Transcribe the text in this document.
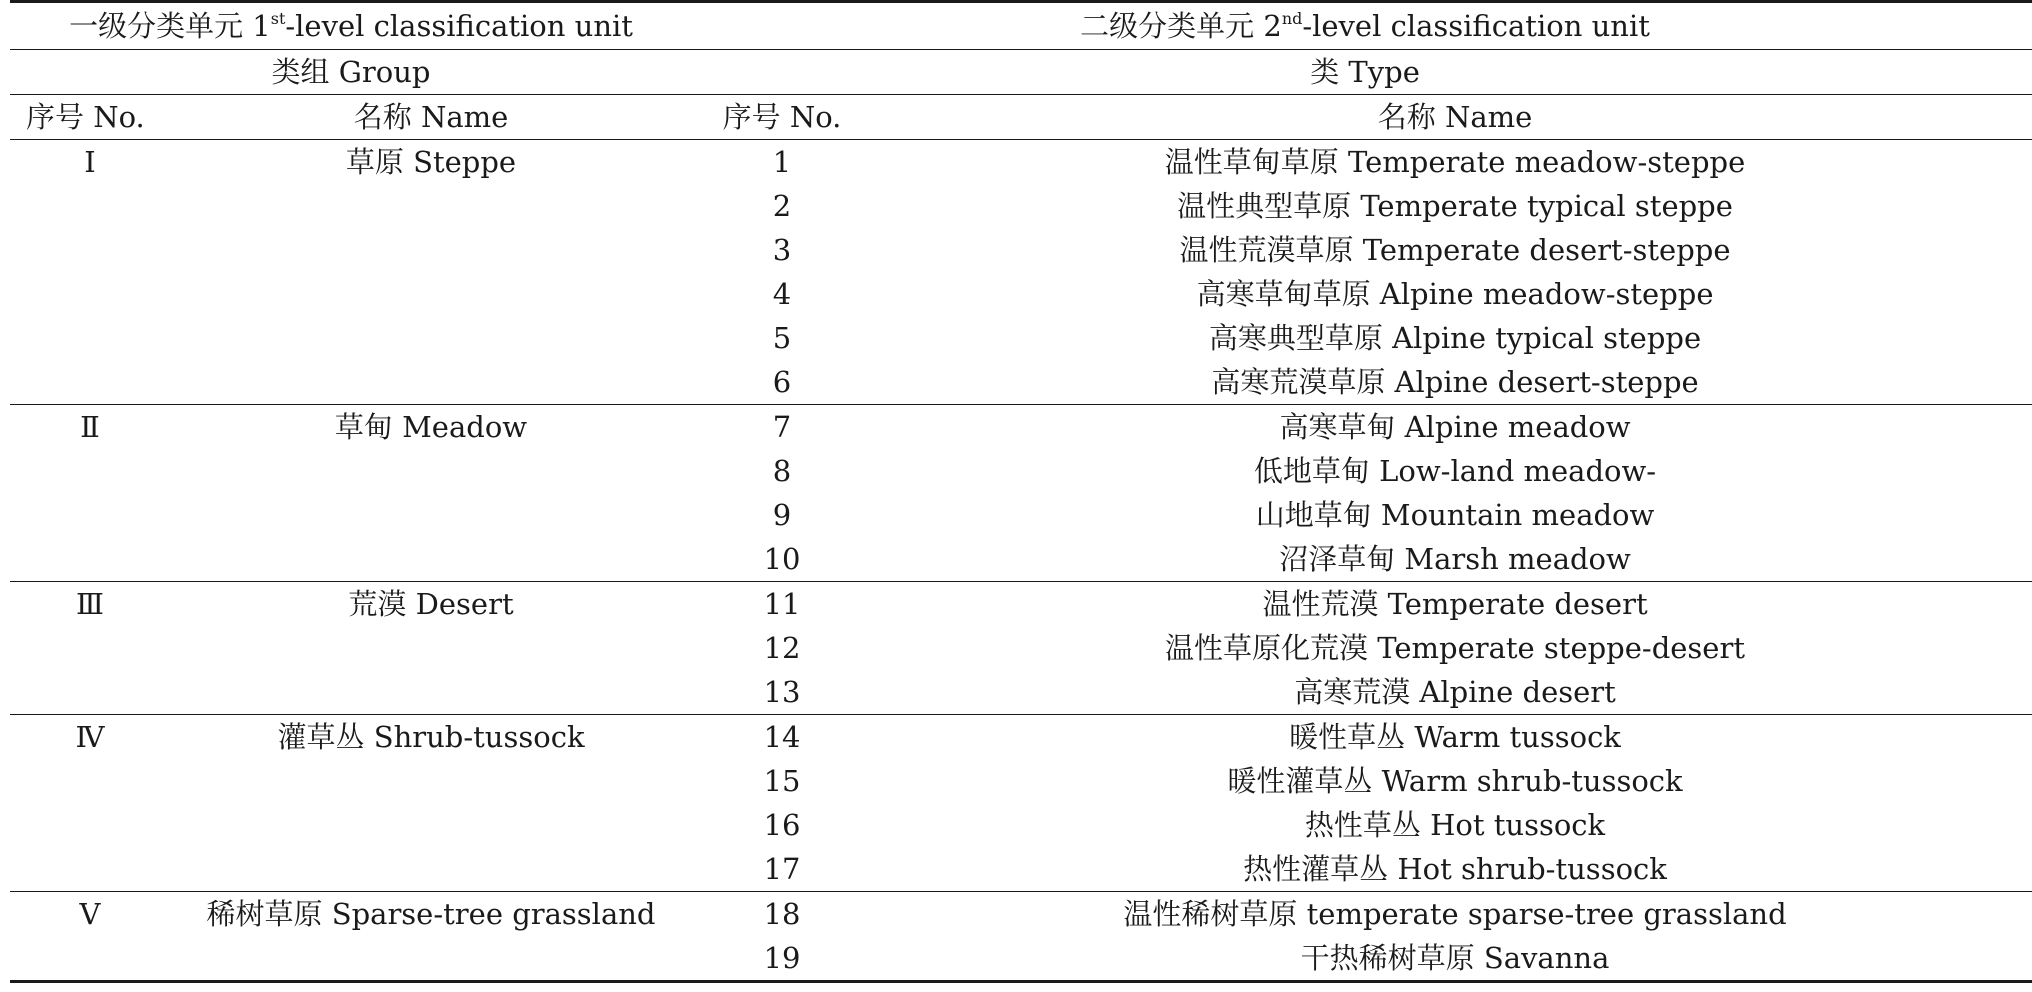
一级分类单元 1st-level classification unit		二级分类单元 2nd-level classification unit	
类组 Group		类 Type	
序号 No.	名称 Name	序号 No.	名称 Name
Ⅰ	草原 Steppe	1	温性草甸草原 Temperate meadow-steppe
		2	温性典型草原 Temperate typical steppe
		3	温性荒漠草原 Temperate desert-steppe
		4	高寒草甸草原 Alpine meadow-steppe
		5	高寒典型草原 Alpine typical steppe
		6	高寒荒漠草原 Alpine desert-steppe
Ⅱ	草甸 Meadow	7	高寒草甸 Alpine meadow
		8	低地草甸 Low-land meadow-
		9	山地草甸 Mountain meadow
		10	沼泽草甸 Marsh meadow
Ⅲ	荒漠 Desert	11	温性荒漠 Temperate desert
		12	温性草原化荒漠 Temperate steppe-desert
		13	高寒荒漠 Alpine desert
Ⅳ	灌草丛 Shrub-tussock	14	暖性草丛 Warm tussock
		15	暖性灌草丛 Warm shrub-tussock
		16	热性草丛 Hot tussock
		17	热性灌草丛 Hot shrub-tussock
Ⅴ	稀树草原 Sparse-tree grassland	18	温性稀树草原 temperate sparse-tree grassland
		19	干热稀树草原 Savanna
